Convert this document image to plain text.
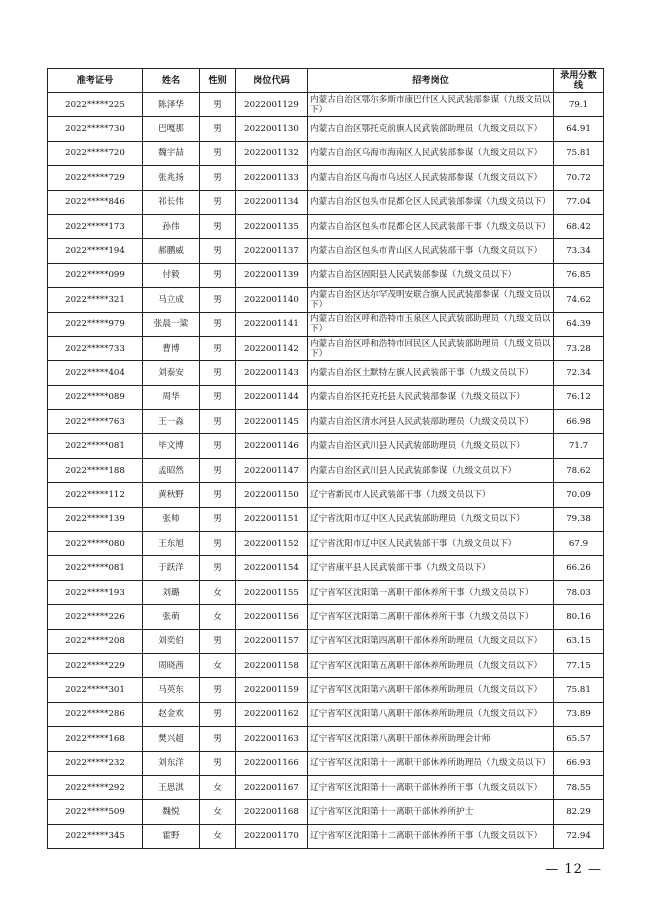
准考证号	姓名	性别	岗位代码	招考岗位	录用分数线
2022*****225	陈泽华	男	2022001129	内蒙古自治区鄂尔多斯市康巴什区人民武装部参谋（九级文员以下）	79.1
2022*****730	巴嘎那	男	2022001130	内蒙古自治区鄂托克前旗人民武装部助理员（九级文员以下）	64.91
2022*****720	魏宇喆	男	2022001132	内蒙古自治区乌海市海南区人民武装部参谋（九级文员以下）	75.81
2022*****729	张兆扬	男	2022001133	内蒙古自治区乌海市乌达区人民武装部参谋（九级文员以下）	70.72
2022*****846	祁长伟	男	2022001134	内蒙古自治区包头市昆都仑区人民武装部参谋（九级文员以下）	77.04
2022*****173	孙伟	男	2022001135	内蒙古自治区包头市昆都仑区人民武装部干事（九级文员以下）	68.42
2022*****194	郝鹏威	男	2022001137	内蒙古自治区包头市青山区人民武装部干事（九级文员以下）	73.34
2022*****099	付毅	男	2022001139	内蒙古自治区固阳县人民武装部参谋（九级文员以下）	76.85
2022*****321	马立成	男	2022001140	内蒙古自治区达尔罕茂明安联合旗人民武装部参谋（九级文员以下）	74.62
2022*****979	张晨一粱	男	2022001141	内蒙古自治区呼和浩特市玉泉区人民武装部助理员（九级文员以下）	64.39
2022*****733	曹博	男	2022001142	内蒙古自治区呼和浩特市回民区人民武装部助理员（九级文员以下）	73.28
2022*****404	刘泰安	男	2022001143	内蒙古自治区土默特左旗人民武装部干事（九级文员以下）	72.34
2022*****089	周华	男	2022001144	内蒙古自治区托克托县人民武装部参谋（九级文员以下）	76.12
2022*****763	王一淼	男	2022001145	内蒙古自治区清水河县人民武装部助理员（九级文员以下）	66.98
2022*****081	毕文博	男	2022001146	内蒙古自治区武川县人民武装部助理员（九级文员以下）	71.7
2022*****188	孟昭然	男	2022001147	内蒙古自治区武川县人民武装部参谋（九级文员以下）	78.62
2022*****112	黄秋野	男	2022001150	辽宁省新民市人民武装部干事（九级文员以下）	70.09
2022*****139	张帅	男	2022001151	辽宁省沈阳市辽中区人民武装部助理员（九级文员以下）	79.38
2022*****080	王东旭	男	2022001152	辽宁省沈阳市辽中区人民武装部干事（九级文员以下）	67.9
2022*****081	于跃洋	男	2022001154	辽宁省康平县人民武装部干事（九级文员以下）	66.26
2022*****193	刘璐	女	2022001155	辽宁省军区沈阳第一离职干部休养所干事（九级文员以下）	78.03
2022*****226	张萌	女	2022001156	辽宁省军区沈阳第二离职干部休养所干事（九级文员以下）	80.16
2022*****208	刘奕伯	男	2022001157	辽宁省军区沈阳第四离职干部休养所助理员（九级文员以下）	63.15
2022*****229	周晓茜	女	2022001158	辽宁省军区沈阳第五离职干部休养所助理员（九级文员以下）	77.15
2022*****301	马英东	男	2022001159	辽宁省军区沈阳第六离职干部休养所助理员（九级文员以下）	75.81
2022*****286	赵金欢	男	2022001162	辽宁省军区沈阳第八离职干部休养所助理员（九级文员以下）	73.89
2022*****168	樊兴超	男	2022001163	辽宁省军区沈阳第八离职干部休养所助理会计师	65.57
2022*****232	刘东洋	男	2022001166	辽宁省军区沈阳第十一离职干部休养所助理员（九级文员以下）	66.93
2022*****292	王思淇	女	2022001167	辽宁省军区沈阳第十一离职干部休养所干事（九级文员以下）	78.55
2022*****509	魏悦	女	2022001168	辽宁省军区沈阳第十一离职干部休养所护士	82.29
2022*****345	霍野	女	2022001170	辽宁省军区沈阳第十二离职干部休养所干事（九级文员以下）	72.94
— 12 —
